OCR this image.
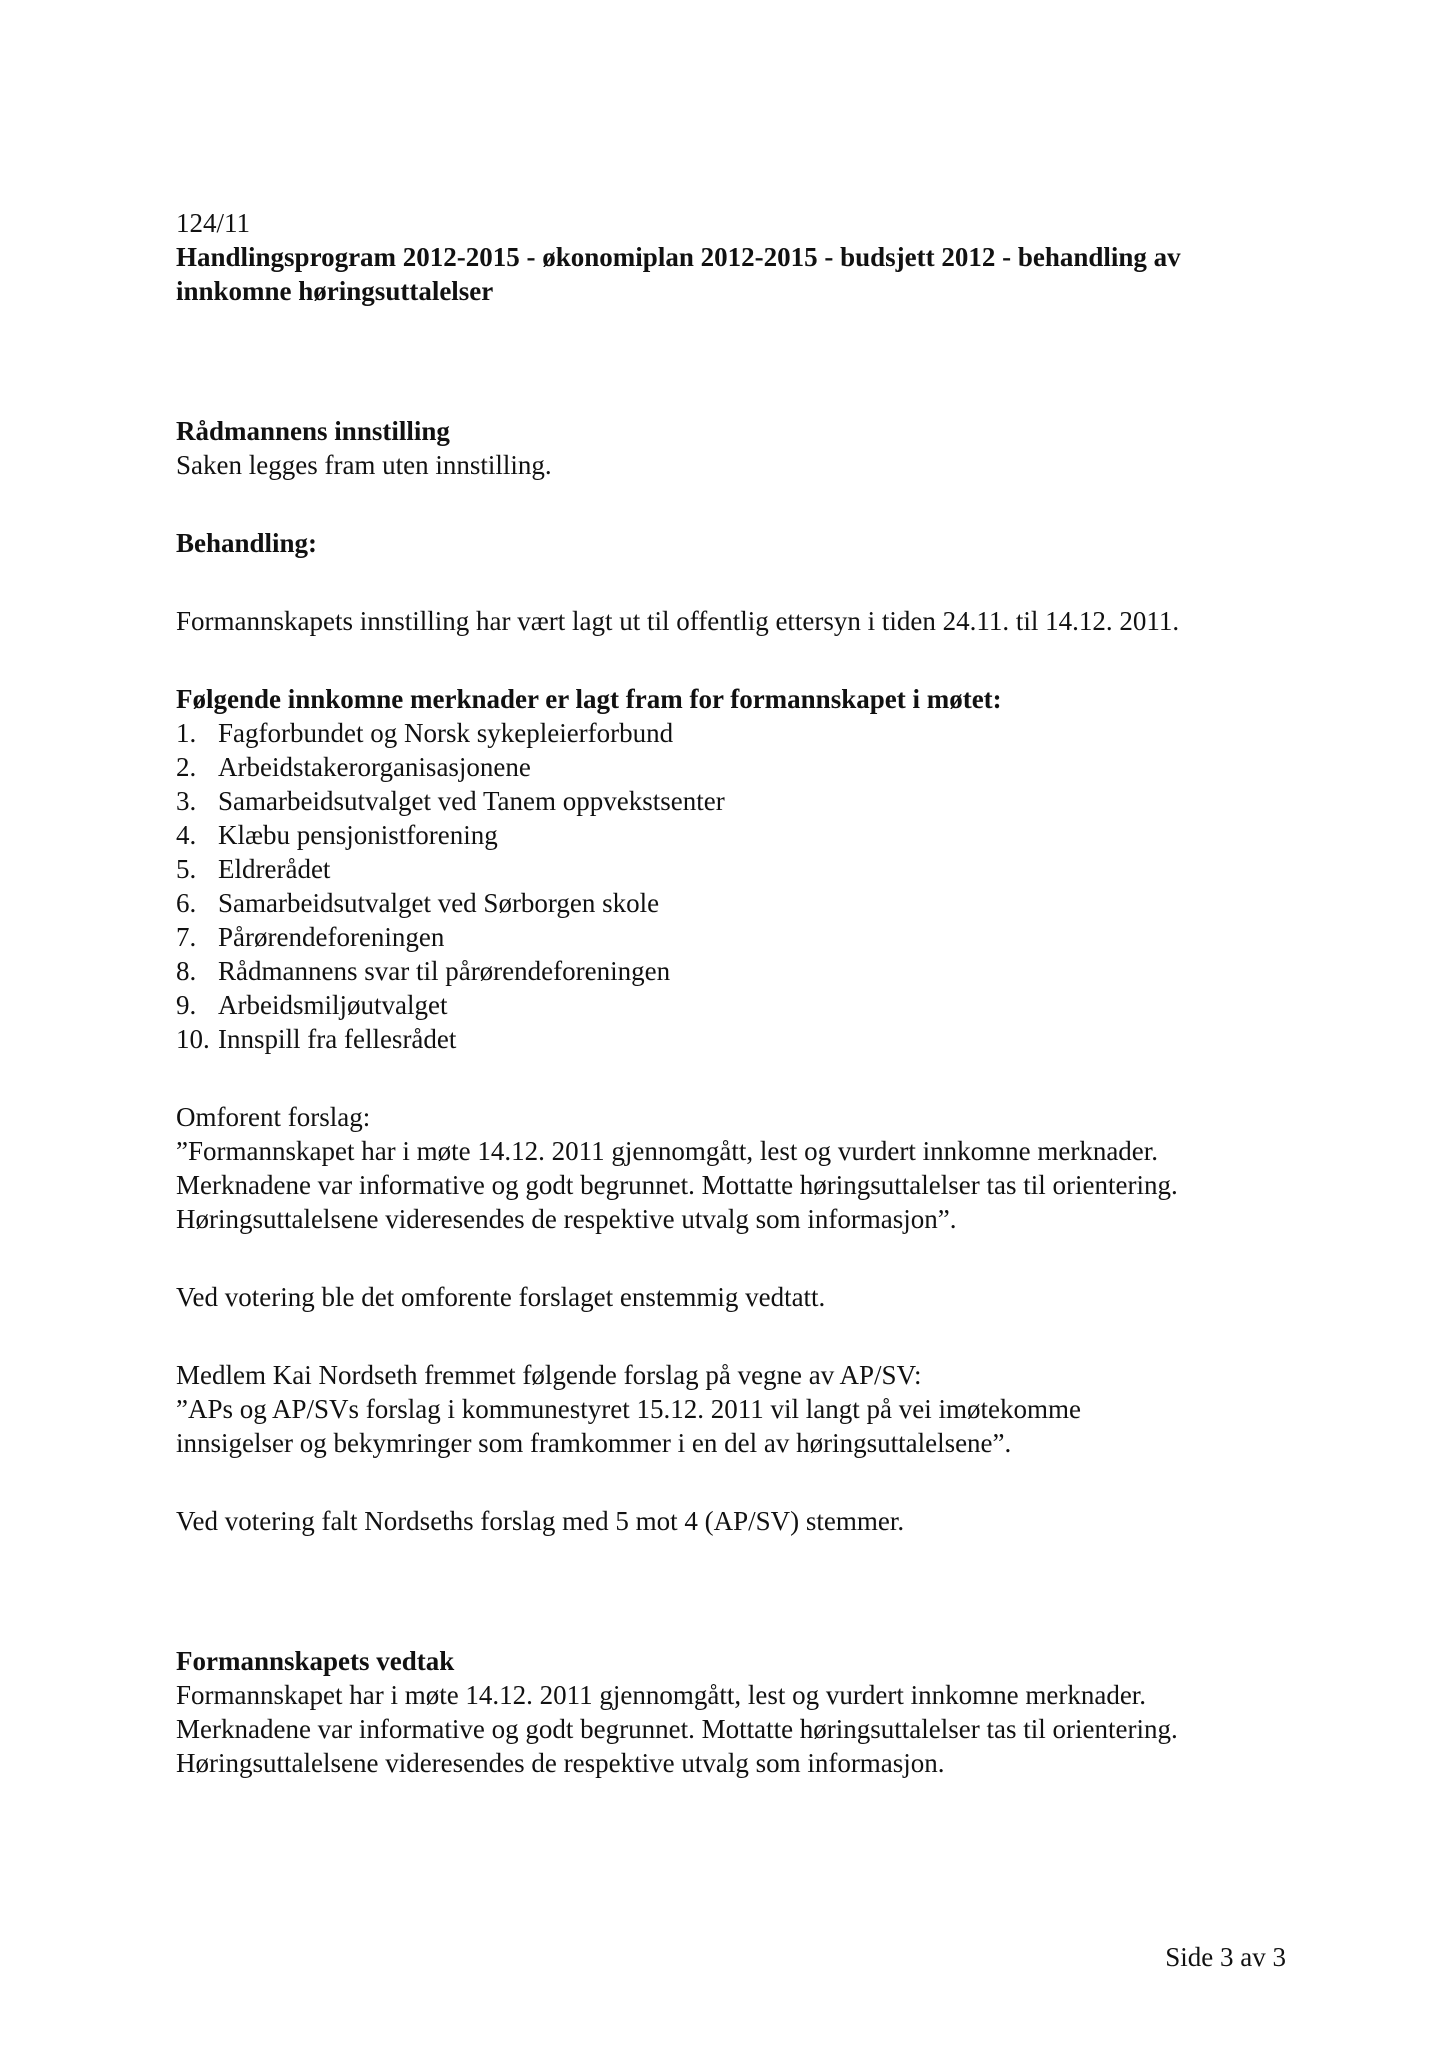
124/11
Handlingsprogram 2012-2015 - økonomiplan 2012-2015 - budsjett 2012 - behandling av
innkomne høringsuttalelser
Rådmannens innstilling
Saken legges fram uten innstilling.
Behandling:
Formannskapets innstilling har vært lagt ut til offentlig ettersyn i tiden 24.11. til 14.12. 2011.
Følgende innkomne merknader er lagt fram for formannskapet i møtet:
1. Fagforbundet og Norsk sykepleierforbund
2. Arbeidstakerorganisasjonene
3. Samarbeidsutvalget ved Tanem oppvekstsenter
4. Klæbu pensjonistforening
5. Eldrerådet
6. Samarbeidsutvalget ved Sørborgen skole
7. Pårørendeforeningen
8. Rådmannens svar til pårørendeforeningen
9. Arbeidsmiljøutvalget
10. Innspill fra fellesrådet
Omforent forslag:
”Formannskapet har i møte 14.12. 2011 gjennomgått, lest og vurdert innkomne merknader.
Merknadene var informative og godt begrunnet. Mottatte høringsuttalelser tas til orientering.
Høringsuttalelsene videresendes de respektive utvalg som informasjon”.
Ved votering ble det omforente forslaget enstemmig vedtatt.
Medlem Kai Nordseth fremmet følgende forslag på vegne av AP/SV:
”APs og AP/SVs forslag i kommunestyret 15.12. 2011 vil langt på vei imøtekomme
innsigelser og bekymringer som framkommer i en del av høringsuttalelsene”.
Ved votering falt Nordseths forslag med 5 mot 4 (AP/SV) stemmer.
Formannskapets vedtak
Formannskapet har i møte 14.12. 2011 gjennomgått, lest og vurdert innkomne merknader.
Merknadene var informative og godt begrunnet. Mottatte høringsuttalelser tas til orientering.
Høringsuttalelsene videresendes de respektive utvalg som informasjon.
Side 3 av 3
